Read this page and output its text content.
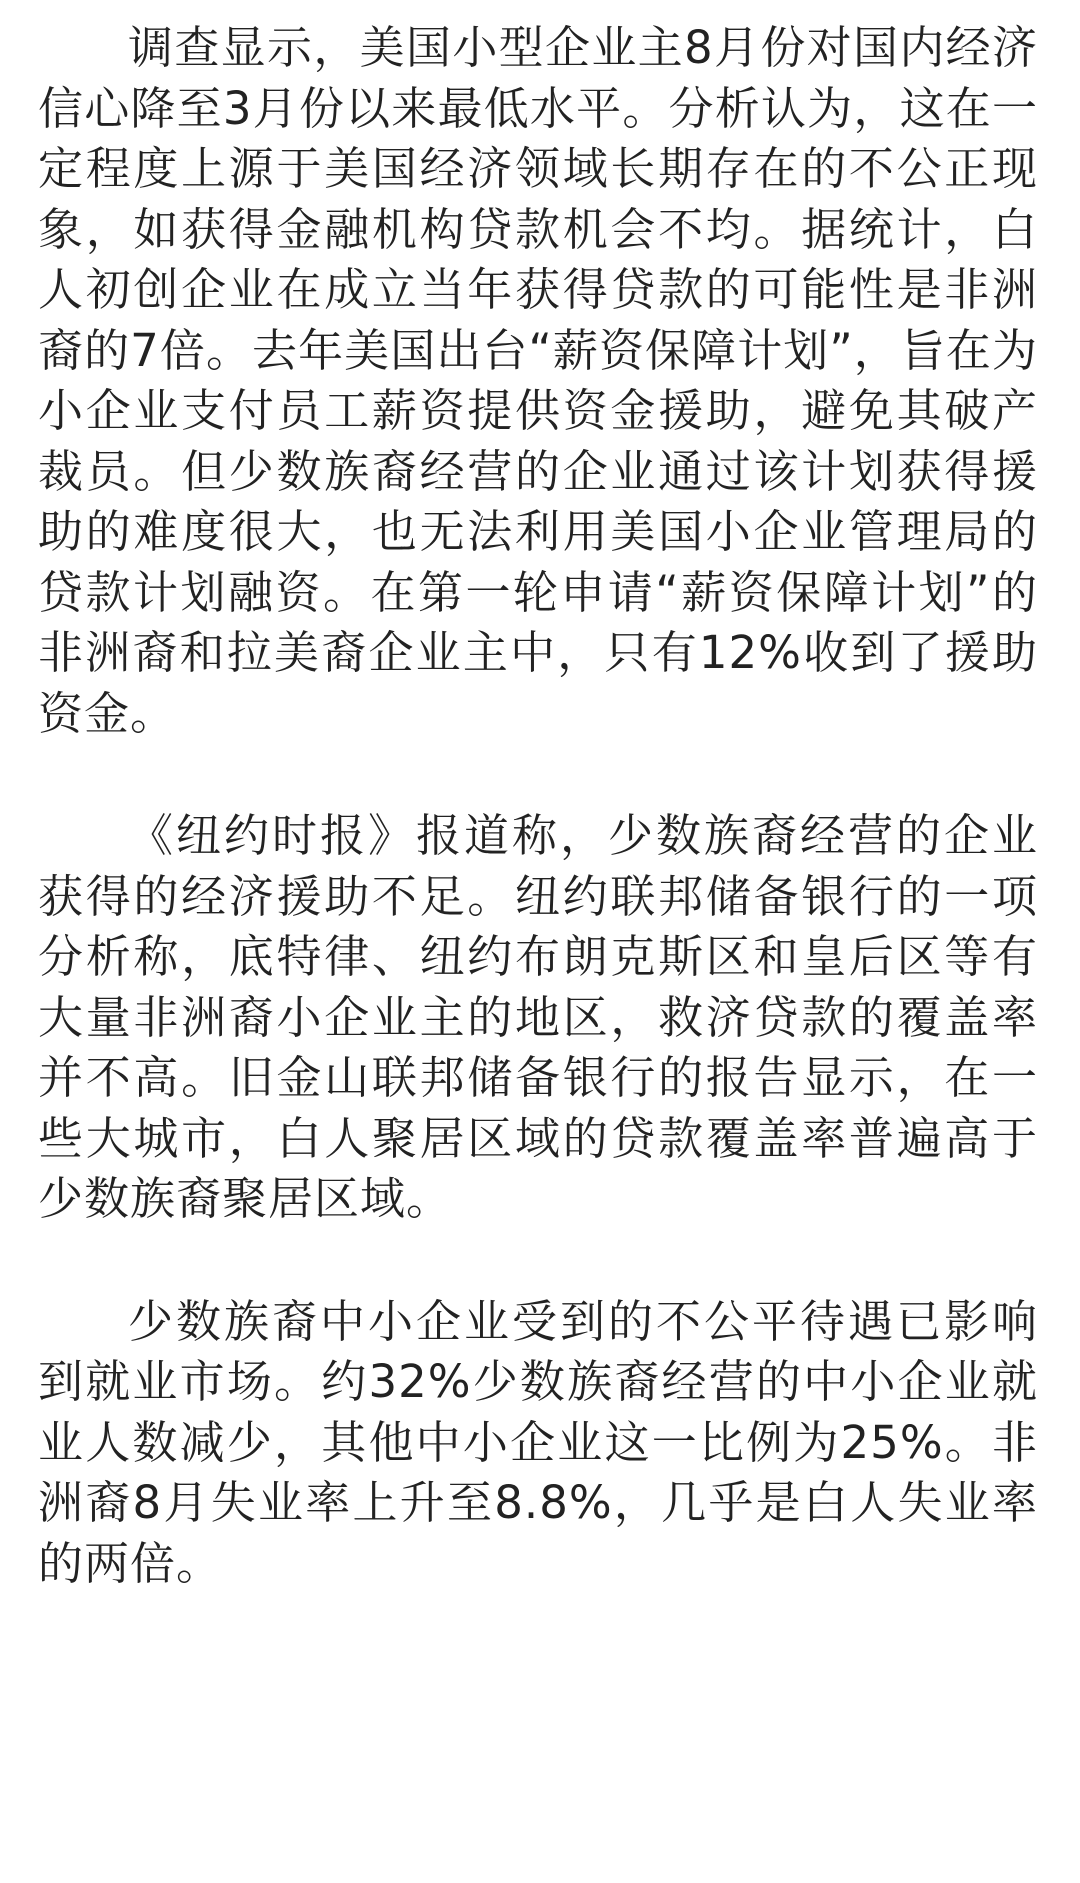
调查显示，美国小型企业主8月份对国内经济信心降至3月份以来最低水平。分析认为，这在一定程度上源于美国经济领域长期存在的不公正现象，如获得金融机构贷款机会不均。据统计，白人初创企业在成立当年获得贷款的可能性是非洲裔的7倍。去年美国出台“薪资保障计划”，旨在为小企业支付员工薪资提供资金援助，避免其破产裁员。但少数族裔经营的企业通过该计划获得援助的难度很大，也无法利用美国小企业管理局的贷款计划融资。在第一轮申请“薪资保障计划”的非洲裔和拉美裔企业主中，只有12%收到了援助资金。

《纽约时报》报道称，少数族裔经营的企业获得的经济援助不足。纽约联邦储备银行的一项分析称，底特律、纽约布朗克斯区和皇后区等有大量非洲裔小企业主的地区，救济贷款的覆盖率并不高。旧金山联邦储备银行的报告显示，在一些大城市，白人聚居区域的贷款覆盖率普遍高于少数族裔聚居区域。

少数族裔中小企业受到的不公平待遇已影响到就业市场。约32%少数族裔经营的中小企业就业人数减少，其他中小企业这一比例为25%。非洲裔8月失业率上升至8.8%，几乎是白人失业率的两倍。
